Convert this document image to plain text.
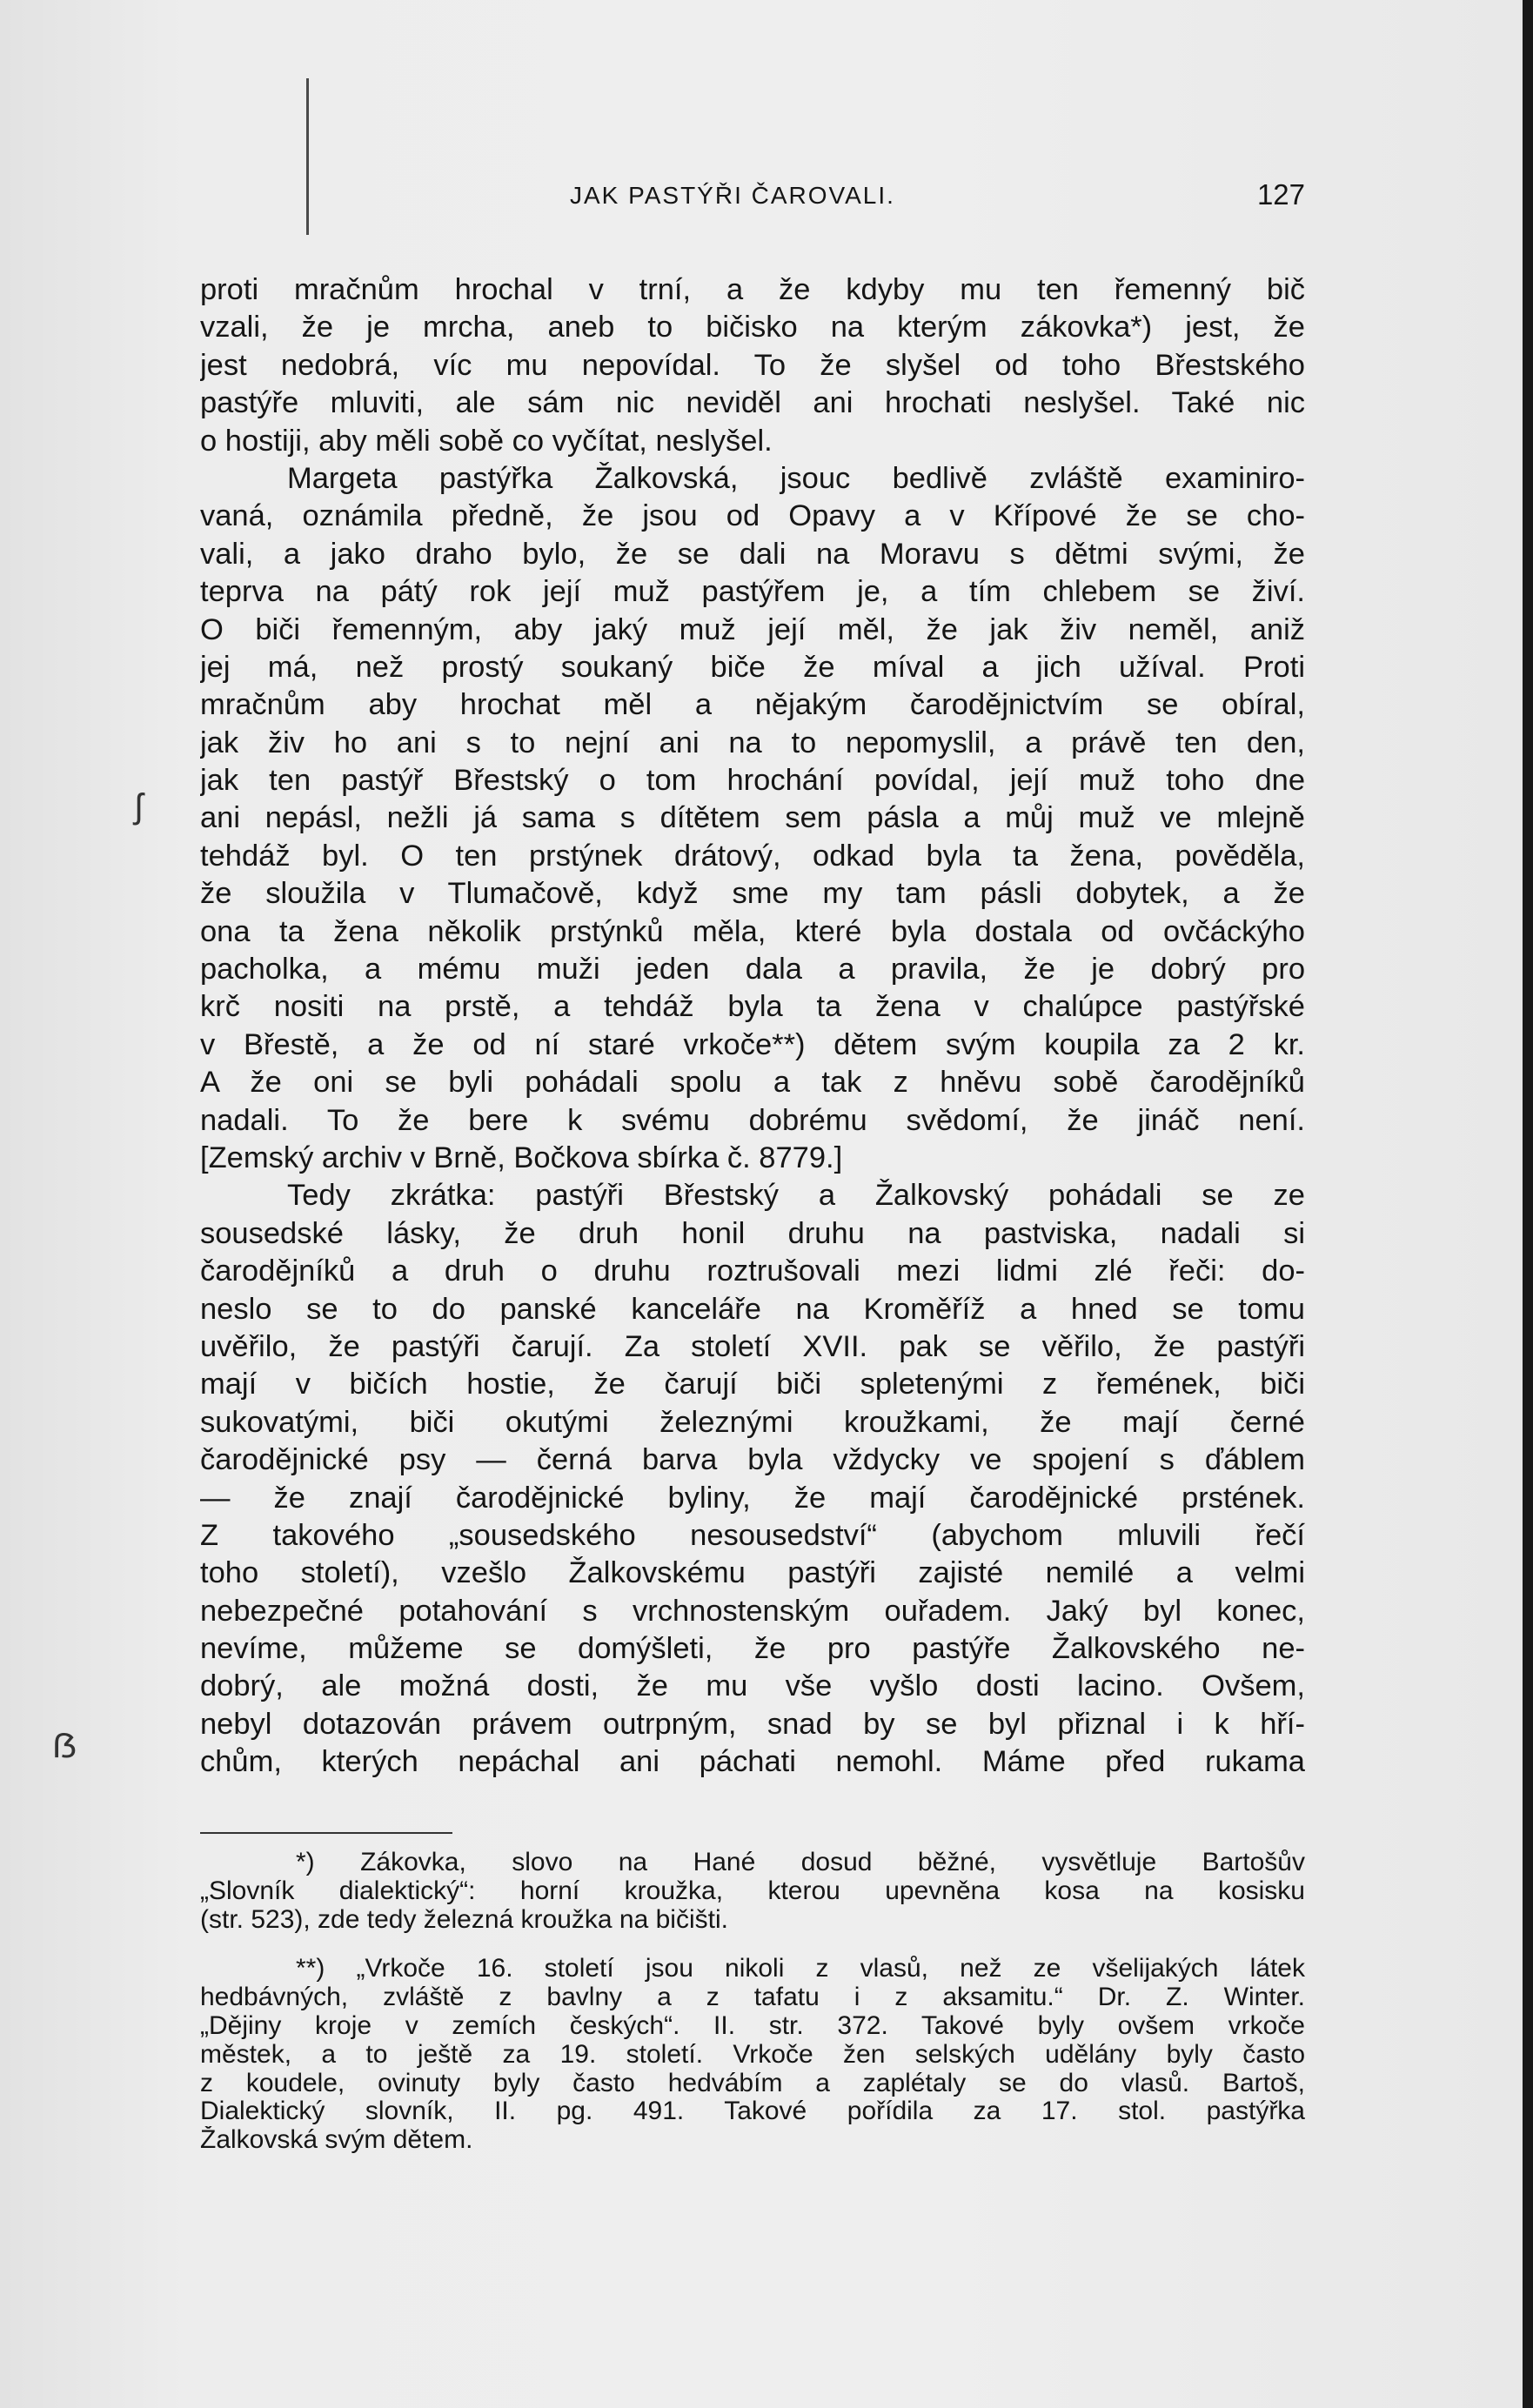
JAK PASTÝŘI ČAROVALI.	127
proti mračnům hrochal v trní, a že kdyby mu ten řemenný bič
vzali, že je mrcha, aneb to bičisko na kterým zákovka*) jest, že
jest nedobrá, víc mu nepovídal. To že slyšel od toho Břestského
pastýře mluviti, ale sám nic neviděl ani hrochati neslyšel. Také nic
o hostiji, aby měli sobě co vyčítat, neslyšel.
Margeta pastýřka Žalkovská, jsouc bedlivě zvláště examinirо-
vaná, oznámila předně, že jsou od Opavy a v Křípové že se cho-
vali, a jako draho bylo, že se dali na Moravu s dětmi svými, že
teprva na pátý rok její muž pastýřem je, a tím chlebem se živí.
O biči řemenným, aby jaký muž její měl, že jak živ neměl, aniž
jej má, než prostý soukaný biče že míval a jich užíval. Proti
mračnům aby hrochat měl a nějakým čarodějnictvím se obíral,
jak živ ho ani s to nejní ani na to nepomyslil, a právě ten den,
jak ten pastýř Břestský o tom hrochání povídal, její muž toho dne
ani nepásl, nežli já sama s dítětem sem pásla a můj muž ve mlejně
tehdáž byl. O ten prstýnek drátový, odkad byla ta žena, pověděla,
že sloužila v Tlumačově, když sme my tam pásli dobytek, a že
ona ta žena několik prstýnků měla, které byla dostala od ovčáckýho
pacholka, a mému muži jeden dala a pravila, že je dobrý pro
krč nositi na prstě, a tehdáž byla ta žena v chalúpce pastýřské
v Břestě, a že od ní staré vrkoče**) dětem svým koupila za 2 kr.
A že oni se byli pohádali spolu a tak z hněvu sobě čarodějníků
nadali. To že bere k svému dobrému svědomí, že jináč není.
[Zemský archiv v Brně, Bočkova sbírka č. 8779.]
Tedy zkrátka: pastýři Břestský a Žalkovský pohádali se ze
sousedské lásky, že druh honil druhu na pastviska, nadali si
čarodějníků a druh o druhu roztrušovali mezi lidmi zlé řeči: do-
neslo se to do panské kanceláře na Kroměříž a hned se tomu
uvěřilo, že pastýři čarují. Za století XVII. pak se věřilo, že pastýři
mají v bičích hostie, že čarují biči spletenými z řemének, biči
sukovatými, biči okutými železnými kroužkami, že mají černé
čarodějnické psy — černá barva byla vždycky ve spojení s ďáblem
— že znají čarodějnické byliny, že mají čarodějnické prstének.
Z takového „sousedského nesousedství“ (abychom mluvili řečí
toho století), vzešlo Žalkovskému pastýři zajisté nemilé a velmi
nebezpečné potahování s vrchnostenským ouřadem. Jaký byl konec,
nevíme, můžeme se domýšleti, že pro pastýře Žalkovského ne-
dobrý, ale možná dosti, že mu vše vyšlo dosti lacino. Ovšem,
nebyl dotazován právem outrpným, snad by se byl přiznal i k hří-
chům, kterých nepáchal ani páchati nemohl. Máme před rukama
*) Zákovka, slovo na Hané dosud běžné, vysvětluje Bartošův
„Slovník dialektický“: horní kroužka, kterou upevněna kosa na kosisku
(str. 523), zde tedy železná kroužka na bičišti.
**) „Vrkoče 16. století jsou nikoli z vlasů, než ze všelijakých látek
hedbávných, zvláště z bavlny a z tafatu i z aksamitu.“ Dr. Z. Winter.
„Dějiny kroje v zemích českých“. II. str. 372. Takové byly ovšem vrkoče
městek, a to ještě za 19. století. Vrkoče žen selských udělány byly často
z koudele, ovinuty byly často hedvábím a zaplétaly se do vlasů. Bartoš,
Dialektický slovník, II. pg. 491. Takové pořídila za 17. stol. pastýřka
Žalkovská svým dětem.
ʃ
ẞ
